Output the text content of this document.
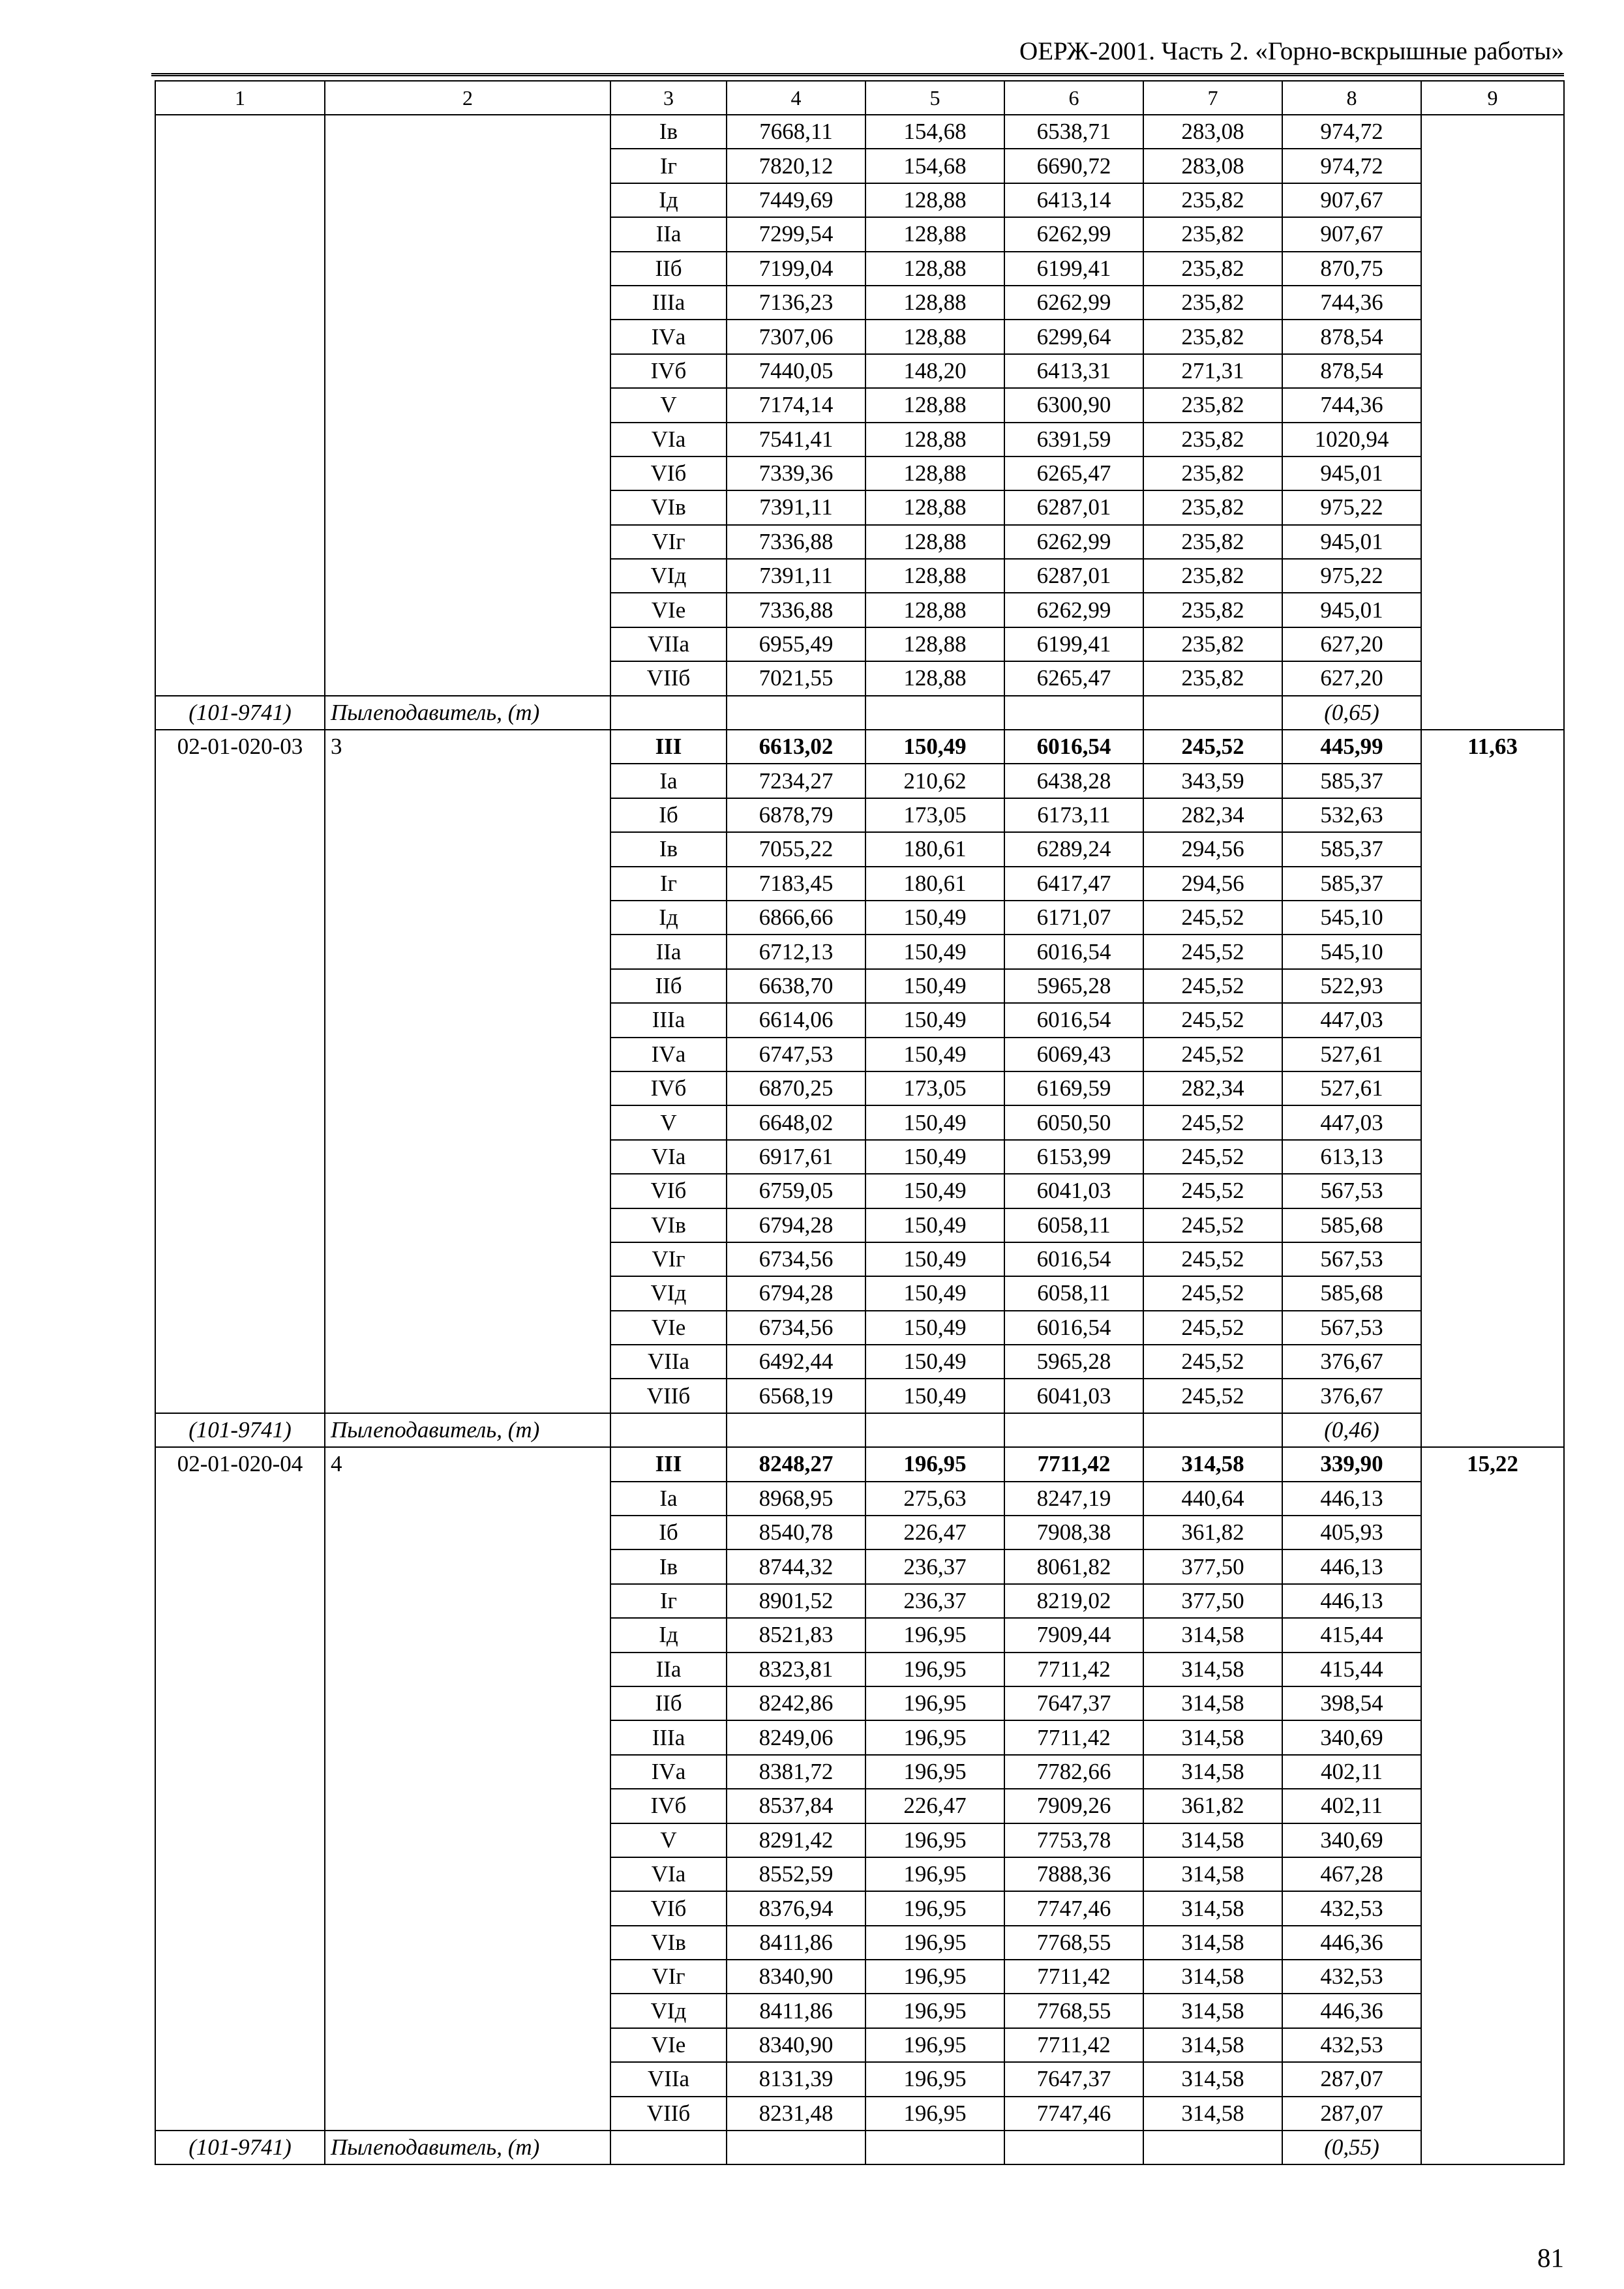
ОЕРЖ-2001. Часть 2. «Горно-вскрышные работы»
1	2	3	4	5	6	7	8	9
		Iв	7668,11	154,68	6538,71	283,08	974,72	
		Iг	7820,12	154,68	6690,72	283,08	974,72	
		Iд	7449,69	128,88	6413,14	235,82	907,67	
		IIа	7299,54	128,88	6262,99	235,82	907,67	
		IIб	7199,04	128,88	6199,41	235,82	870,75	
		IIIа	7136,23	128,88	6262,99	235,82	744,36	
		IVа	7307,06	128,88	6299,64	235,82	878,54	
		IVб	7440,05	148,20	6413,31	271,31	878,54	
		V	7174,14	128,88	6300,90	235,82	744,36	
		VIа	7541,41	128,88	6391,59	235,82	1020,94	
		VIб	7339,36	128,88	6265,47	235,82	945,01	
		VIв	7391,11	128,88	6287,01	235,82	975,22	
		VIг	7336,88	128,88	6262,99	235,82	945,01	
		VIд	7391,11	128,88	6287,01	235,82	975,22	
		VIе	7336,88	128,88	6262,99	235,82	945,01	
		VIIа	6955,49	128,88	6199,41	235,82	627,20	
		VIIб	7021,55	128,88	6265,47	235,82	627,20	
(101-9741)	Пылеподавитель, (т)						(0,65)	
02-01-020-03	3	III	6613,02	150,49	6016,54	245,52	445,99	11,63
		Iа	7234,27	210,62	6438,28	343,59	585,37	
		Iб	6878,79	173,05	6173,11	282,34	532,63	
		Iв	7055,22	180,61	6289,24	294,56	585,37	
		Iг	7183,45	180,61	6417,47	294,56	585,37	
		Iд	6866,66	150,49	6171,07	245,52	545,10	
		IIа	6712,13	150,49	6016,54	245,52	545,10	
		IIб	6638,70	150,49	5965,28	245,52	522,93	
		IIIа	6614,06	150,49	6016,54	245,52	447,03	
		IVа	6747,53	150,49	6069,43	245,52	527,61	
		IVб	6870,25	173,05	6169,59	282,34	527,61	
		V	6648,02	150,49	6050,50	245,52	447,03	
		VIа	6917,61	150,49	6153,99	245,52	613,13	
		VIб	6759,05	150,49	6041,03	245,52	567,53	
		VIв	6794,28	150,49	6058,11	245,52	585,68	
		VIг	6734,56	150,49	6016,54	245,52	567,53	
		VIд	6794,28	150,49	6058,11	245,52	585,68	
		VIе	6734,56	150,49	6016,54	245,52	567,53	
		VIIа	6492,44	150,49	5965,28	245,52	376,67	
		VIIб	6568,19	150,49	6041,03	245,52	376,67	
(101-9741)	Пылеподавитель, (т)						(0,46)	
02-01-020-04	4	III	8248,27	196,95	7711,42	314,58	339,90	15,22
		Iа	8968,95	275,63	8247,19	440,64	446,13	
		Iб	8540,78	226,47	7908,38	361,82	405,93	
		Iв	8744,32	236,37	8061,82	377,50	446,13	
		Iг	8901,52	236,37	8219,02	377,50	446,13	
		Iд	8521,83	196,95	7909,44	314,58	415,44	
		IIа	8323,81	196,95	7711,42	314,58	415,44	
		IIб	8242,86	196,95	7647,37	314,58	398,54	
		IIIа	8249,06	196,95	7711,42	314,58	340,69	
		IVа	8381,72	196,95	7782,66	314,58	402,11	
		IVб	8537,84	226,47	7909,26	361,82	402,11	
		V	8291,42	196,95	7753,78	314,58	340,69	
		VIа	8552,59	196,95	7888,36	314,58	467,28	
		VIб	8376,94	196,95	7747,46	314,58	432,53	
		VIв	8411,86	196,95	7768,55	314,58	446,36	
		VIг	8340,90	196,95	7711,42	314,58	432,53	
		VIд	8411,86	196,95	7768,55	314,58	446,36	
		VIе	8340,90	196,95	7711,42	314,58	432,53	
		VIIа	8131,39	196,95	7647,37	314,58	287,07	
		VIIб	8231,48	196,95	7747,46	314,58	287,07	
(101-9741)	Пылеподавитель, (т)						(0,55)	
81
